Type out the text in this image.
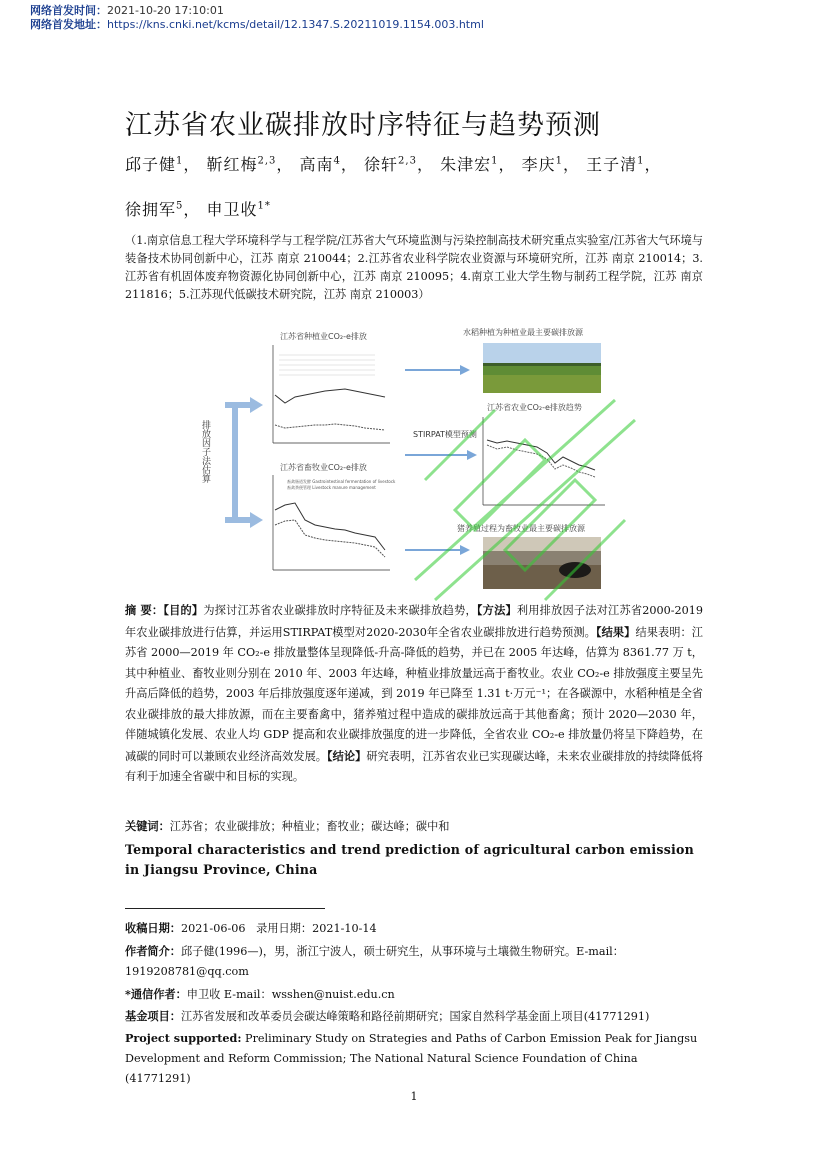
网络首发时间：2021-10-20 17:10:01
网络首发地址：https://kns.cnki.net/kcms/detail/12.1347.S.20211019.1154.003.html
江苏省农业碳排放时序特征与趋势预测
邱子健$^1$， 靳红梅$^{2,3}$， 高南$^4$， 徐轩$^{2,3}$， 朱津宏$^1$， 李庆$^1$， 王子清$^1$，
徐拥军$^5$， 申卫收$^{1*}$
（1.南京信息工程大学环境科学与工程学院/江苏省大气环境监测与污染控制高技术研究重点实验室/江苏省大气环境与装备技术协同创新中心，江苏 南京 210044；2.江苏省农业科学院农业资源与环境研究所，江苏 南京 210014；3.江苏省有机固体废弃物资源化协同创新中心，江苏 南京 210095；4.南京工业大学生物与制药工程学院，江苏 南京 211816；5.江苏现代低碳技术研究院，江苏 南京 210003）
排放因子法估算
江苏省种植业CO₂-e排放
江苏省畜牧业CO₂-e排放
畜禽肠道发酵 Gastrointestinal fermentation of livestock
畜禽粪便管理 Livestock manure management
STIRPAT模型预测
水稻种植为种植业最主要碳排放源
江苏省农业CO₂-e排放趋势
猪养殖过程为畜牧业最主要碳排放源
摘 要：【目的】为探讨江苏省农业碳排放时序特征及未来碳排放趋势，【方法】利用排放因子法对江苏省2000-2019年农业碳排放进行估算，并运用STIRPAT模型对2020-2030年全省农业碳排放进行趋势预测。【结果】结果表明：江苏省 2000—2019 年 CO₂-e 排放量整体呈现降低-升高-降低的趋势，并已在 2005 年达峰，估算为 8361.77 万 t，其中种植业、畜牧业则分别在 2010 年、2003 年达峰，种植业排放量远高于畜牧业。农业 CO₂-e 排放强度主要呈先升高后降低的趋势，2003 年后排放强度逐年递减，到 2019 年已降至 1.31 t·万元⁻¹；在各碳源中，水稻种植是全省农业碳排放的最大排放源，而在主要畜禽中，猪养殖过程中造成的碳排放远高于其他畜禽；预计 2020—2030 年，伴随城镇化发展、农业人均 GDP 提高和农业碳排放强度的进一步降低，全省农业 CO₂-e 排放量仍将呈下降趋势，在减碳的同时可以兼顾农业经济高效发展。【结论】研究表明，江苏省农业已实现碳达峰，未来农业碳排放的持续降低将有利于加速全省碳中和目标的实现。
关键词：江苏省；农业碳排放；种植业；畜牧业；碳达峰；碳中和
Temporal characteristics and trend prediction of agricultural carbon emission in Jiangsu Province, China
收稿日期：2021-06-06 录用日期：2021-10-14
作者简介：邱子健(1996—)，男，浙江宁波人，硕士研究生，从事环境与土壤微生物研究。E-mail：1919208781@qq.com
*通信作者：申卫收 E-mail：wsshen@nuist.edu.cn
基金项目：江苏省发展和改革委员会碳达峰策略和路径前期研究；国家自然科学基金面上项目(41771291)
Project supported: Preliminary Study on Strategies and Paths of Carbon Emission Peak for Jiangsu Development and Reform Commission; The National Natural Science Foundation of China (41771291)
1
